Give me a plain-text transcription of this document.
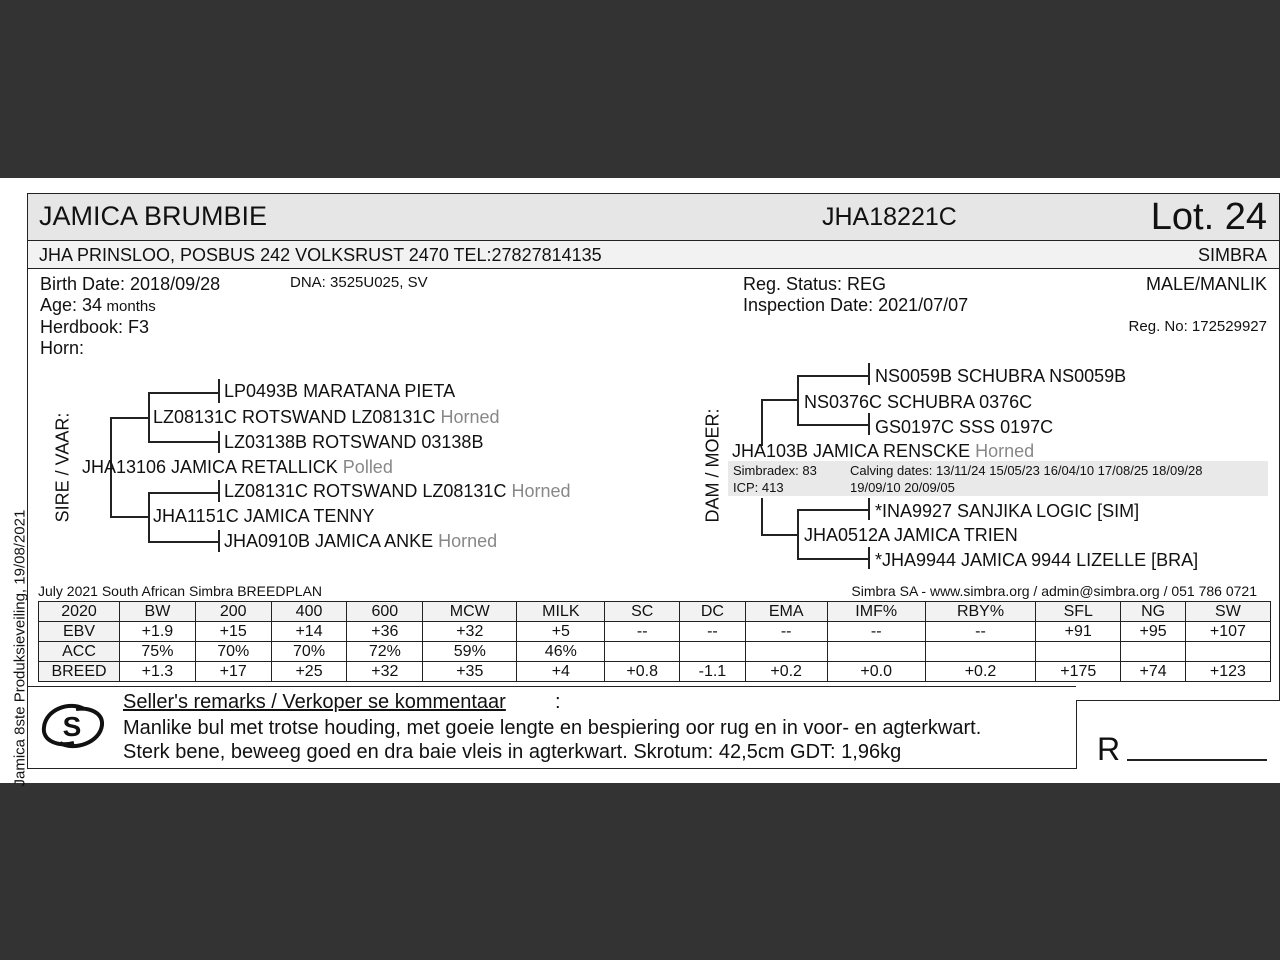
Jamica 8ste Produksieveiling, 19/08/2021
JAMICA BRUMBIE	JHA18221C	Lot. 24
JHA PRINSLOO, POSBUS 242 VOLKSRUST 2470 TEL:27827814135	SIMBRA
Birth Date: 2018/09/28	DNA: 3525U025, SV
Age: 34 months
Herdbook: F3
Horn:
Reg. Status: REG
Inspection Date: 2021/07/07
MALE/MANLIK
Reg. No: 172529927
SIRE / VAAR:
LP0493B MARATANA PIETA
LZ08131C ROTSWAND LZ08131C Horned
LZ03138B ROTSWAND 03138B
JHA13106 JAMICA RETALLICK Polled
LZ08131C ROTSWAND LZ08131C Horned
JHA1151C JAMICA TENNY
JHA0910B JAMICA ANKE Horned
DAM / MOER:
NS0059B SCHUBRA NS0059B
NS0376C SCHUBRA 0376C
GS0197C SSS 0197C
JHA103B JAMICA RENSCKE Horned
Simbradex: 83
ICP: 413
Calving dates: 13/11/24 15/05/23 16/04/10 17/08/25 18/09/28
19/09/10 20/09/05
*INA9927 SANJIKA LOGIC [SIM]
JHA0512A JAMICA TRIEN
*JHA9944 JAMICA 9944 LIZELLE [BRA]
July 2021 South African Simbra BREEDPLAN	Simbra SA - www.simbra.org / admin@simbra.org / 051 786 0721
2020	BW	200	400	600	MCW	MILK	SC	DC	EMA	IMF%	RBY%	SFL	NG	SW
EBV	+1.9	+15	+14	+36	+32	+5	--	--	--	--	--	+91	+95	+107
ACC	75%	70%	70%	72%	59%	46%								
BREED	+1.3	+17	+25	+32	+35	+4	+0.8	-1.1	+0.2	+0.0	+0.2	+175	+74	+123
S
Seller's remarks / Verkoper se kommentaar :
Manlike bul met trotse houding, met goeie lengte en bespiering oor rug en in voor- en agterkwart.
Sterk bene, beweeg goed en dra baie vleis in agterkwart. Skrotum: 42,5cm GDT: 1,96kg	R
